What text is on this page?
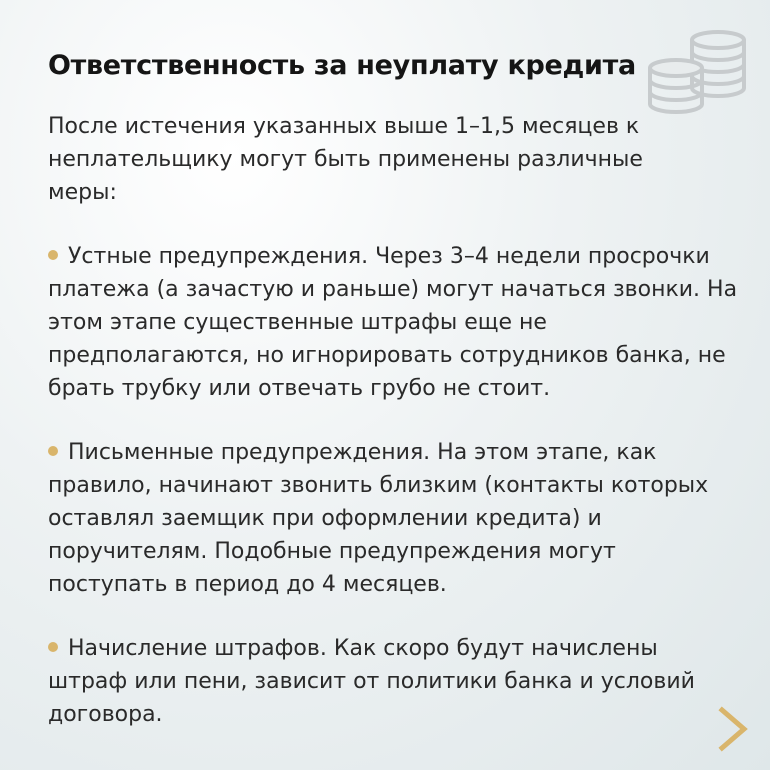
Ответственность за неуплату кредита

После истечения указанных выше 1–1,5 месяцев к неплательщику могут быть применены различные меры:

Устные предупреждения. Через 3–4 недели просрочки платежа (а зачастую и раньше) могут начаться звонки. На этом этапе существенные штрафы еще не предполагаются, но игнорировать сотрудников банка, не брать трубку или отвечать грубо не стоит.

Письменные предупреждения. На этом этапе, как правило, начинают звонить близким (контакты которых оставлял заемщик при оформлении кредита) и поручителям. Подобные предупреждения могут поступать в период до 4 месяцев.

Начисление штрафов. Как скоро будут начислены штраф или пени, зависит от политики банка и условий договора.
